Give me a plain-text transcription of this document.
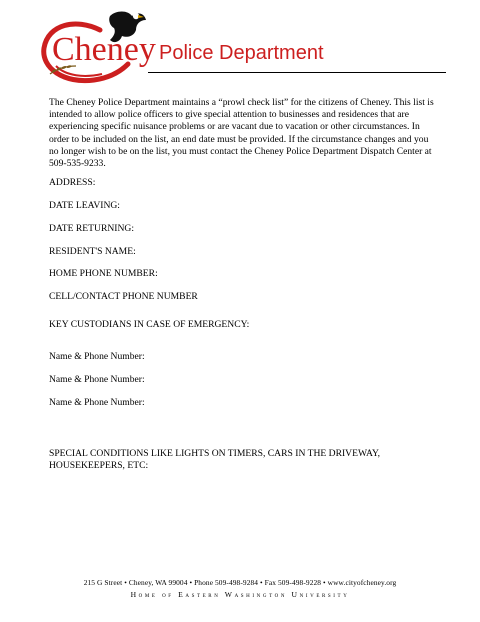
Cheney Police Department

The Cheney Police Department maintains a “prowl check list” for the citizens of Cheney. This list is intended to allow police officers to give special attention to businesses and residences that are experiencing specific nuisance problems or are vacant due to vacation or other circumstances. In order to be included on the list, an end date must be provided. If the circumstance changes and you no longer wish to be on the list, you must contact the Cheney Police Department Dispatch Center at 509-535-9233.

ADDRESS:

DATE LEAVING:

DATE RETURNING:

RESIDENT'S NAME:

HOME PHONE NUMBER:

CELL/CONTACT PHONE NUMBER

KEY CUSTODIANS IN CASE OF EMERGENCY:

Name & Phone Number:

Name & Phone Number:

Name & Phone Number:

SPECIAL CONDITIONS LIKE LIGHTS ON TIMERS, CARS IN THE DRIVEWAY, HOUSEKEEPERS, ETC:

215 G Street • Cheney, WA 99004 • Phone 509-498-9284 • Fax 509-498-9228 • www.cityofcheney.org
Home of Eastern Washington University
